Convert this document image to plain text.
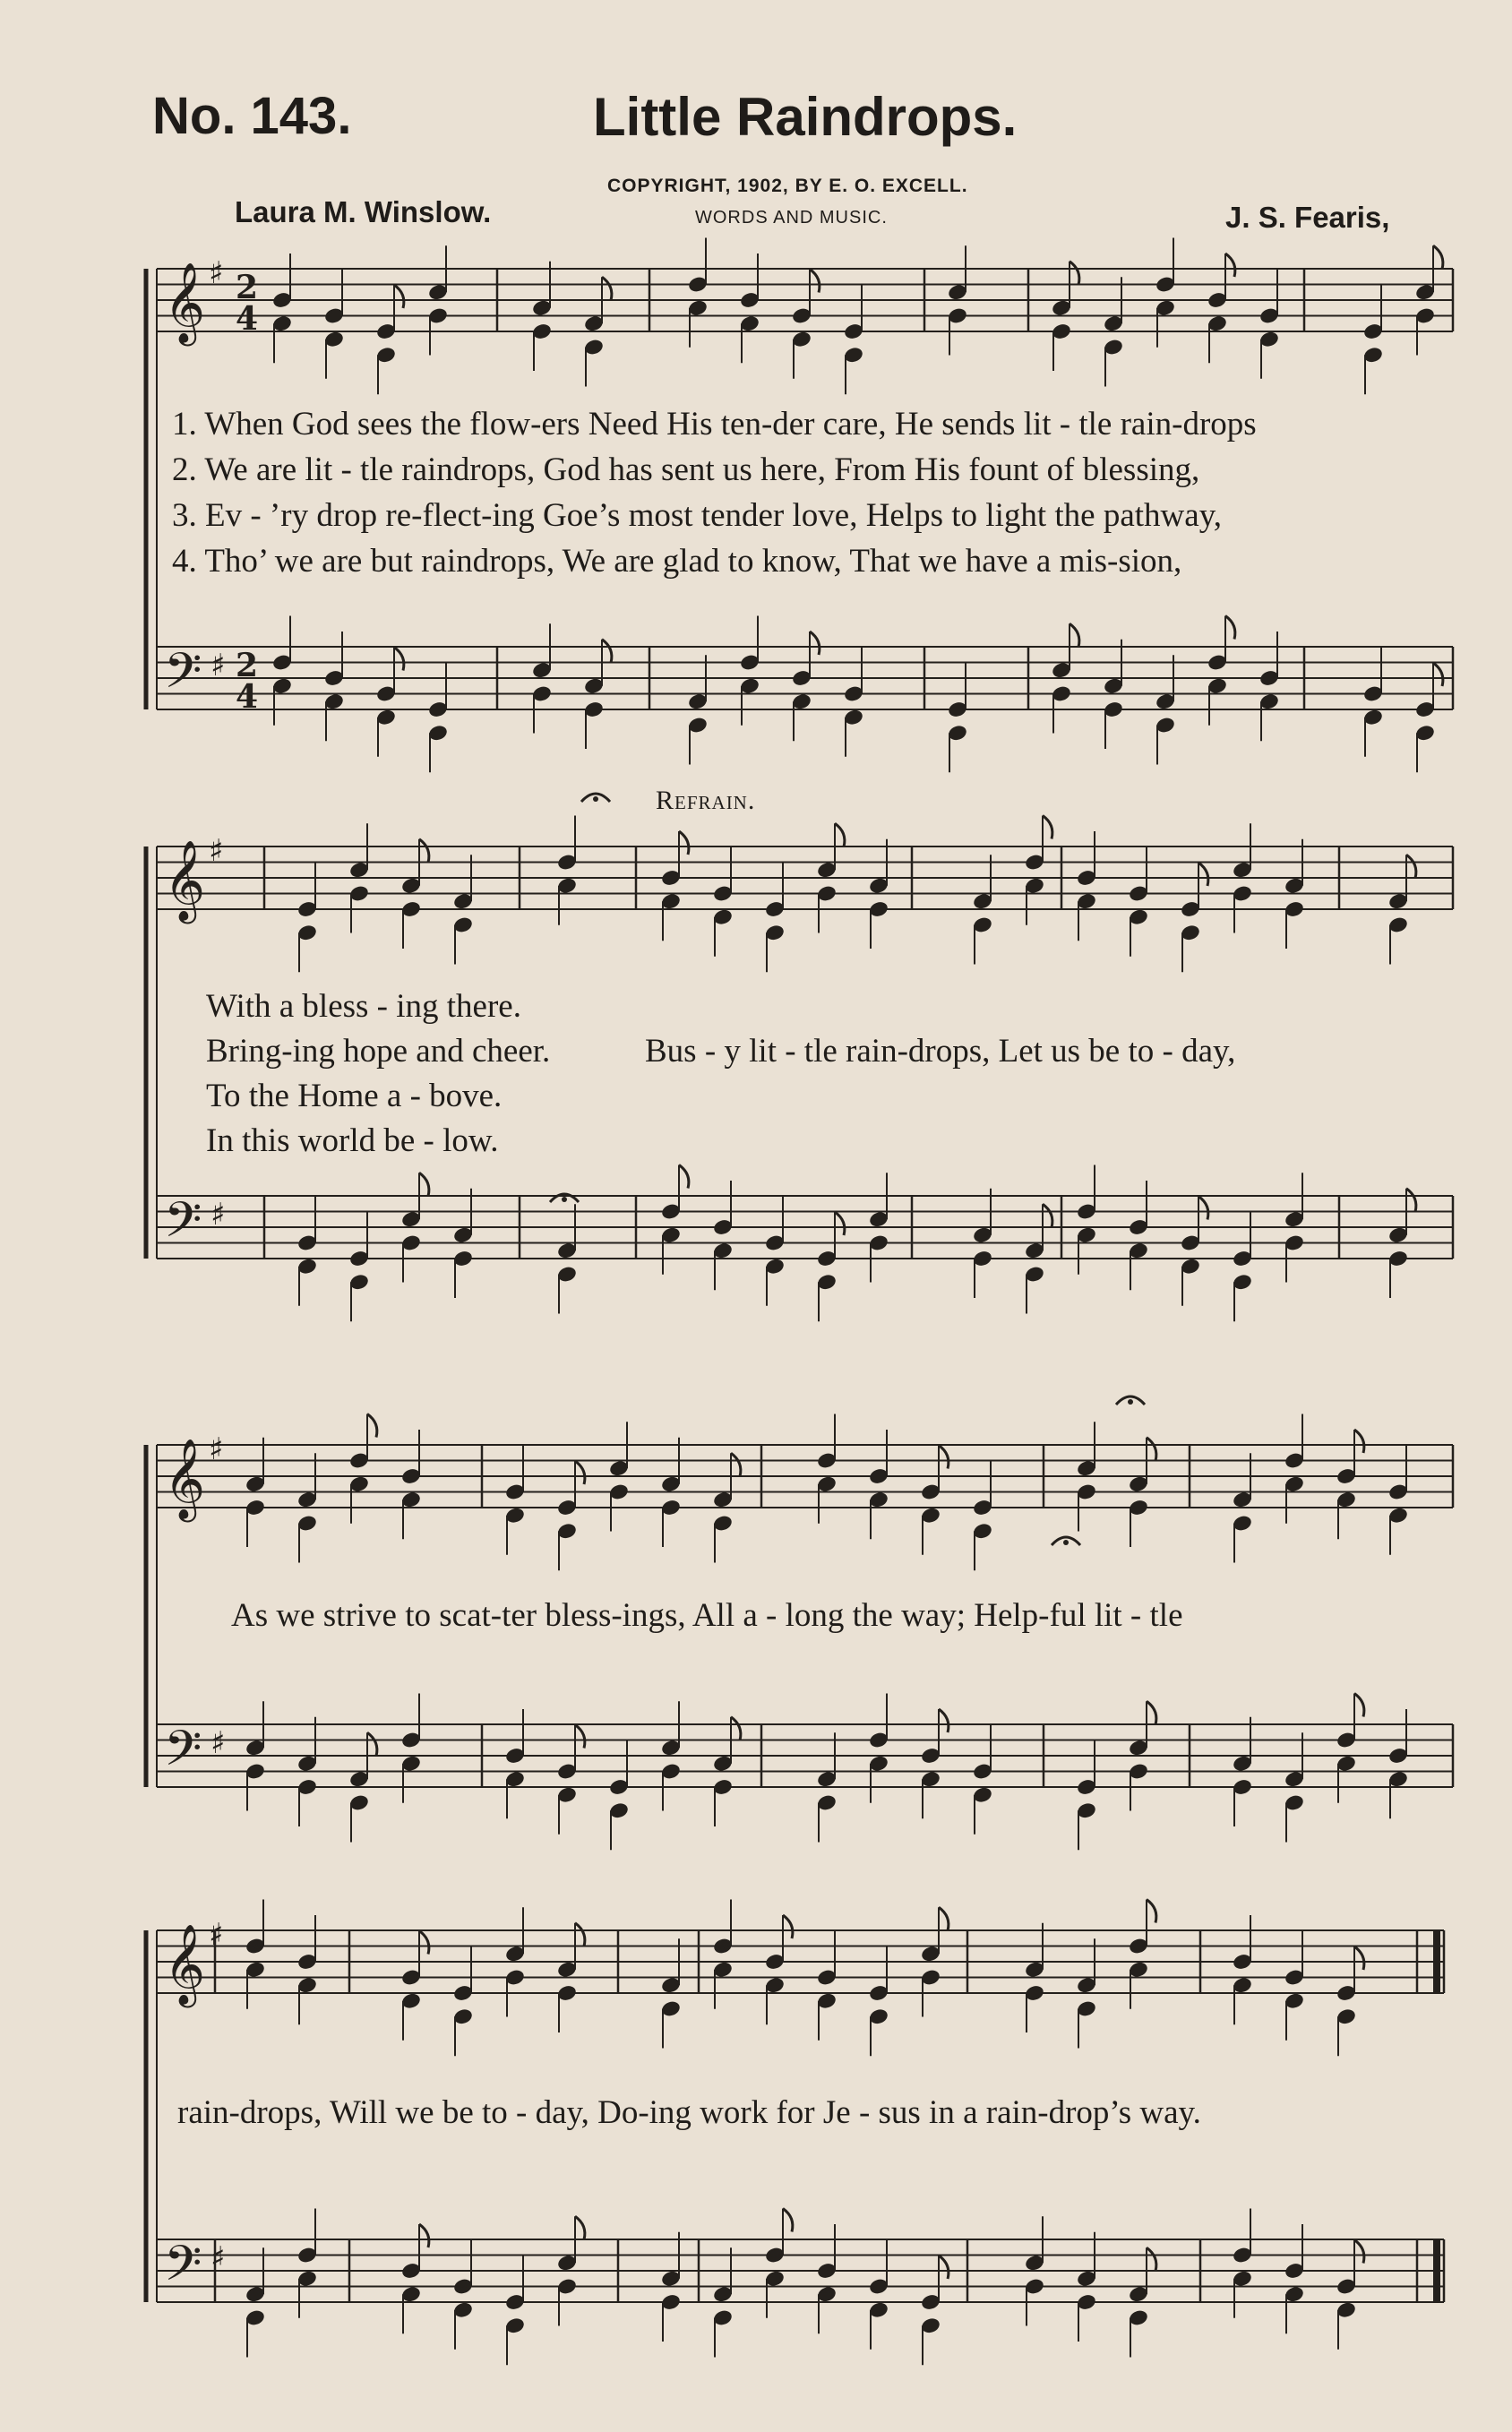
No. 143.	Little Raindrops.
COPYRIGHT, 1902, BY E. O. EXCELL.
WORDS AND MUSIC.
Laura M. Winslow.	J. S. Fearis,
𝄞 ♯ 2
4
𝄢 ♯ 2
4
𝄞 ♯
𝄢 ♯
𝄞 ♯
𝄢 ♯
𝄞 ♯
𝄢 ♯
1. When God sees the flow-ers Need His ten-der care, He sends lit - tle rain-drops
2. We are lit - tle raindrops, God has sent us here, From His fount of blessing,
3. Ev - ’ry drop re-flect-ing Goe’s most tender love, Helps to light the pathway,
4. Tho’ we are but raindrops, We are glad to know, That we have a mis-sion,
Refrain.
With a bless - ing there.
Bring-ing hope and cheer.
To the Home a - bove.
In this world be - low.
Bus - y lit - tle rain-drops, Let us be to - day,
As we strive to scat-ter bless-ings, All a - long the way; Help-ful lit - tle
rain-drops, Will we be to - day, Do-ing work for Je - sus in a rain-drop’s way.
